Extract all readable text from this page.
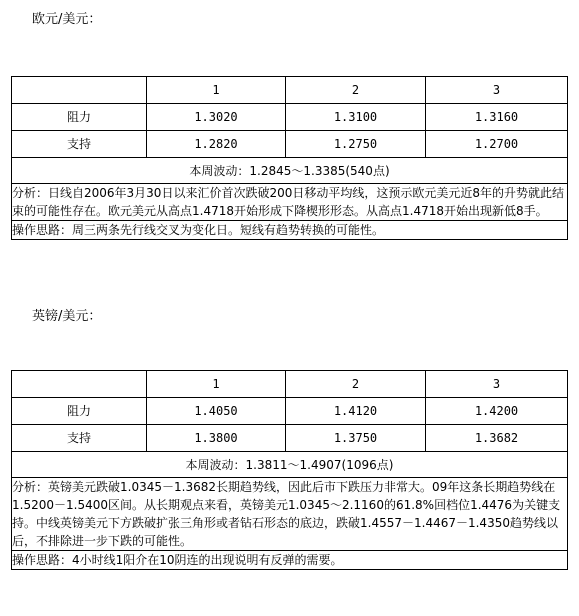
欧元/美元：
	1	2	3
阻力	1.3020	1.3100	1.3160
支持	1.2820	1.2750	1.2700
本周波动：1.2845～1.3385(540点)			
分析：日线自2006年3月30日以来汇价首次跌破200日移动平均线，这预示欧元美元近8年的升势就此结束的可能性存在。欧元美元从高点1.4718开始形成下降楔形形态。从高点1.4718开始出现新低8手。			
操作思路：周三两条先行线交叉为变化日。短线有趋势转换的可能性。			
英镑/美元：
	1	2	3
阻力	1.4050	1.4120	1.4200
支持	1.3800	1.3750	1.3682
本周波动：1.3811～1.4907(1096点)			
分析：英镑美元跌破1.0345－1.3682长期趋势线，因此后市下跌压力非常大。09年这条长期趋势线在1.5200－1.5400区间。从长期观点来看，英镑美元1.0345～2.1160的61.8%回档位1.4476为关键支持。中线英镑美元下方跌破扩张三角形或者钻石形态的底边，跌破1.4557－1.4467－1.4350趋势线以后，不排除进一步下跌的可能性。			
操作思路：4小时线1阳介在10阴连的出现说明有反弹的需要。			
